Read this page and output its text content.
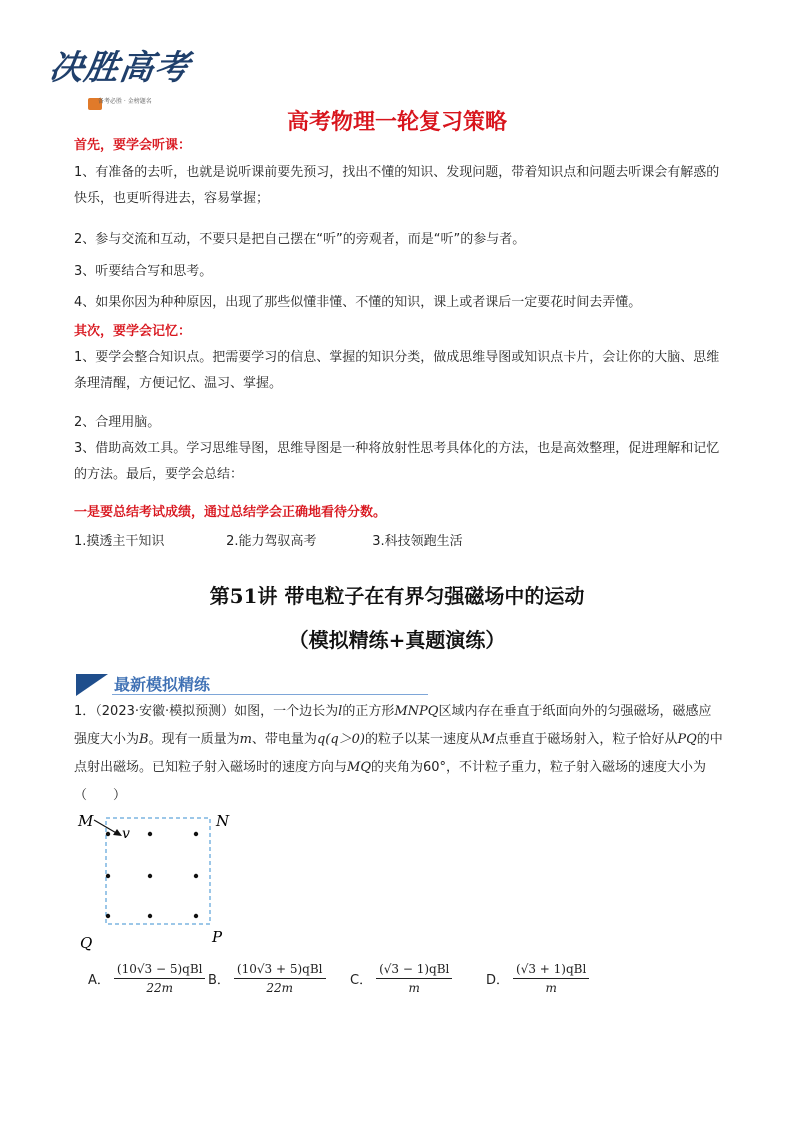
决胜高考
备考必胜 · 金榜题名
高考物理一轮复习策略
首先，要学会听课：
1、有准备的去听，也就是说听课前要先预习，找出不懂的知识、发现问题，带着知识点和问题去听课会有解惑的快乐，也更听得进去，容易掌握；
2、参与交流和互动，不要只是把自己摆在“听”的旁观者，而是“听”的参与者。
3、听要结合写和思考。
4、如果你因为种种原因，出现了那些似懂非懂、不懂的知识，课上或者课后一定要花时间去弄懂。
其次，要学会记忆：
1、要学会整合知识点。把需要学习的信息、掌握的知识分类，做成思维导图或知识点卡片，会让你的大脑、思维条理清醒，方便记忆、温习、掌握。
2、合理用脑。
3、借助高效工具。学习思维导图，思维导图是一种将放射性思考具体化的方法，也是高效整理，促进理解和记忆的方法。最后，要学会总结：
一是要总结考试成绩，通过总结学会正确地看待分数。
1.摸透主干知识	2.能力驾驭高考	3.科技领跑生活
第51讲 带电粒子在有界匀强磁场中的运动
（模拟精练+真题演练）
最新模拟精练
1．（2023·安徽·模拟预测）如图，一个边长为l的正方形MNPQ区域内存在垂直于纸面向外的匀强磁场，磁感应强度大小为B。现有一质量为m、带电量为q(q＞0)的粒子以某一速度从M点垂直于磁场射入，粒子恰好从PQ的中点射出磁场。已知粒子射入磁场时的速度方向与MQ的夹角为60°，不计粒子重力，粒子射入磁场的速度大小为（　　）
M	N
v
Q	P
A． $\frac{\text{(10√3 − 5)qBl}}{22m}$ B． $\frac{\text{(10√3 + 5)qBl}}{22m}$ C． $\frac{\text{(√3 − 1)qBl}}{m}$	D． $\frac{\text{(√3 + 1)qBl}}{m}$
